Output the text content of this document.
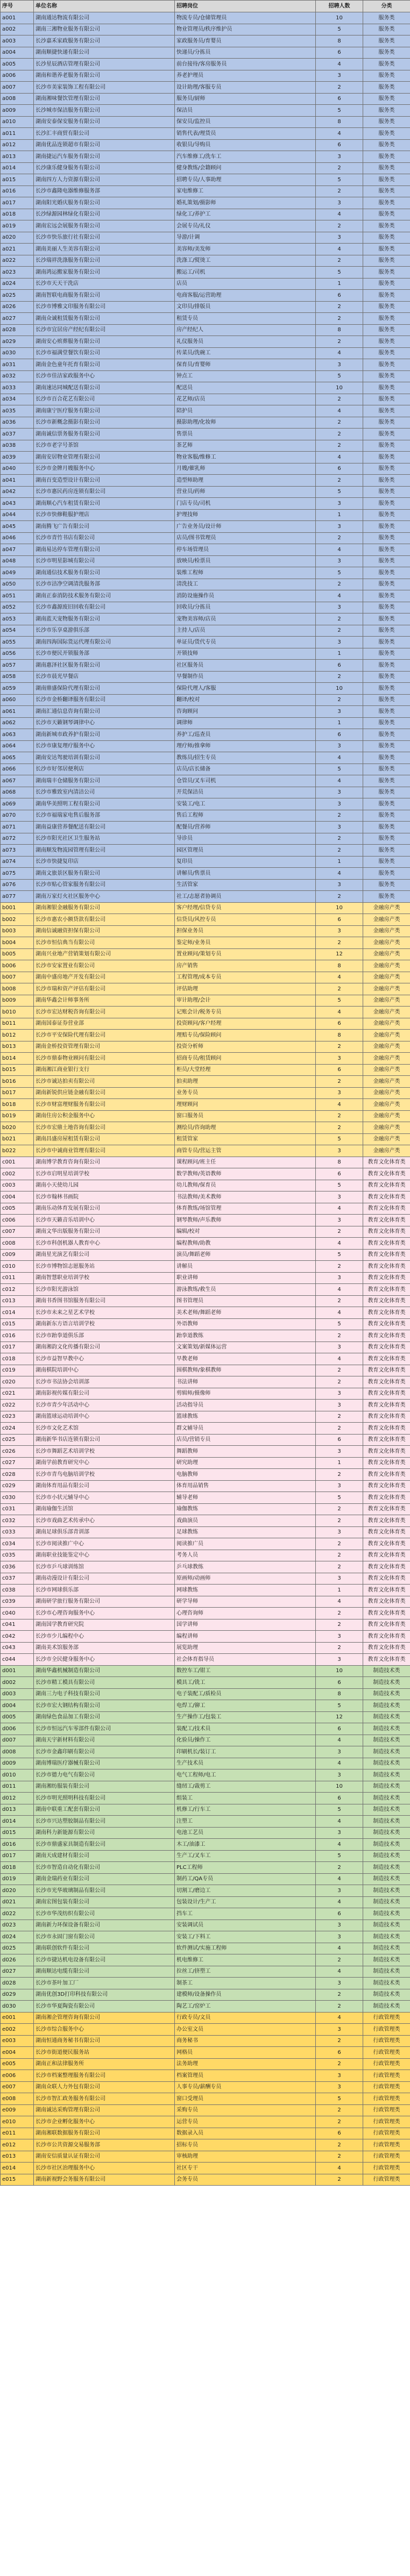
序号	单位名称	招聘岗位	招聘人数	分类
a001	湖南通达物流有限公司	物流专员/仓储管理员	10	服务类
a002	湖南三湘物业服务有限公司	物业管理员/秩序维护员	5	服务类
a003	长沙嘉禾家政服务有限公司	家政服务员/育婴员	8	服务类
a004	湖南顺捷快递有限公司	快递员/分拣员	6	服务类
a005	长沙星辰酒店管理有限公司	前台接待/客房服务员	4	服务类
a006	湖南和谐养老服务有限公司	养老护理员	3	服务类
a007	长沙市美家装饰工程有限公司	设计助理/客服专员	2	服务类
a008	湖南湘味餐饮管理有限公司	服务员/厨师	6	服务类
a009	长沙城市保洁服务有限公司	保洁员	5	服务类
a010	湖南安泰保安服务有限公司	保安员/监控员	8	服务类
a011	长沙汇丰商贸有限公司	销售代表/理货员	4	服务类
a012	湖南优品连锁超市有限公司	收银员/导购员	6	服务类
a013	湖南捷运汽车服务有限公司	汽车维修工/洗车工	3	服务类
a014	长沙康乐健身服务有限公司	健身教练/会籍顾问	2	服务类
a015	湖南四方人力资源有限公司	招聘专员/人事助理	5	服务类
a016	长沙市鑫隆电器维修服务部	家电维修工	2	服务类
a017	湖南阳光婚庆服务有限公司	婚礼策划/摄影师	3	服务类
a018	长沙绿源园林绿化有限公司	绿化工/养护工	4	服务类
a019	湖南宏远会展服务有限公司	会展专员/礼仪	2	服务类
a020	长沙市快乐旅行社有限公司	导游/计调	3	服务类
a021	湖南美丽人生美容有限公司	美容师/美发师	4	服务类
a022	长沙瑞祥洗涤服务有限公司	洗涤工/熨烫工	2	服务类
a023	湖南鸿运搬家服务有限公司	搬运工/司机	5	服务类
a024	长沙市天天干洗店	店员	1	服务类
a025	湖南智联电商服务有限公司	电商客服/运营助理	6	服务类
a026	长沙市博雅文印服务有限公司	文印员/排版员	2	服务类
a027	湖南众诚租赁服务有限公司	租赁专员	2	服务类
a028	长沙市宜居房产经纪有限公司	房产经纪人	8	服务类
a029	湖南安心殡葬服务有限公司	礼仪服务员	2	服务类
a030	长沙市福满堂餐饮有限公司	传菜员/洗碗工	4	服务类
a031	湖南金色童年托育有限公司	保育员/育婴师	3	服务类
a032	长沙市佳洁家政服务中心	钟点工	5	服务类
a033	湖南速达同城配送有限公司	配送员	10	服务类
a034	长沙市百合花艺有限公司	花艺师/店员	2	服务类
a035	湖南康宁医疗服务有限公司	陪护员	4	服务类
a036	长沙市新概念摄影有限公司	摄影助理/化妆师	2	服务类
a037	湖南诚信票务服务有限公司	售票员	2	服务类
a038	长沙市老字号茶馆	茶艺师	2	服务类
a039	湖南安居物业管理有限公司	物业客服/维修工	4	服务类
a040	长沙市金牌月嫂服务中心	月嫂/催乳师	6	服务类
a041	湖南百变造型设计有限公司	造型师助理	2	服务类
a042	长沙市惠民药房连锁有限公司	营业员/药师	5	服务类
a043	湖南顺心汽车租赁有限公司	门店专员/司机	3	服务类
a044	长沙市快修鞋服护理店	护理技师	1	服务类
a045	湖南腾飞广告有限公司	广告业务员/设计师	3	服务类
a046	长沙市青竹书店有限公司	店员/图书管理员	2	服务类
a047	湖南易达停车管理有限公司	停车场管理员	4	服务类
a048	长沙市明星影城有限公司	放映员/检票员	3	服务类
a049	湖南通信技术服务有限公司	装维工程师	5	服务类
a050	长沙市洁净空调清洗服务部	清洗技工	2	服务类
a051	湖南正泰消防技术服务有限公司	消防设施操作员	4	服务类
a052	长沙市鑫源废旧回收有限公司	回收员/分拣员	3	服务类
a053	湖南蓝天宠物服务有限公司	宠物美容师/店员	2	服务类
a054	长沙市乐享桌游俱乐部	主持人/店员	2	服务类
a055	湖南四海国际货运代理有限公司	单证员/货代专员	3	服务类
a056	长沙市便民开锁服务部	开锁技师	1	服务类
a057	湖南惠泽社区服务有限公司	社区服务员	6	服务类
a058	长沙市晨光早餐店	早餐制作员	2	服务类
a059	湖南鼎盛保险代理有限公司	保险代理人/客服	10	服务类
a060	长沙市金桥翻译服务有限公司	翻译/校对	2	服务类
a061	湖南汇通信息咨询有限公司	咨询顾问	3	服务类
a062	长沙市天籁钢琴调律中心	调律师	1	服务类
a063	湖南新城市政养护有限公司	养护工/巡查员	6	服务类
a064	长沙市康复理疗服务中心	理疗师/推拿师	3	服务类
a065	湖南安达驾驶培训有限公司	教练员/招生专员	4	服务类
a066	长沙市好邻居便利店	店员/店长储备	5	服务类
a067	湖南瑞丰仓储服务有限公司	仓管员/叉车司机	4	服务类
a068	长沙市雅致室内清洁公司	开荒保洁员	3	服务类
a069	湖南华美照明工程有限公司	安装工/电工	3	服务类
a070	长沙市福瑞家电售后服务部	售后工程师	2	服务类
a071	湖南益康营养餐配送有限公司	配餐员/营养师	3	服务类
a072	长沙市阳光社区卫生服务站	导诊员	2	服务类
a073	湖南顺发物流园管理有限公司	园区管理员	2	服务类
a074	长沙市快捷复印店	复印员	1	服务类
a075	湖南文旅景区服务有限公司	讲解员/售票员	4	服务类
a076	长沙市贴心管家服务有限公司	生活管家	3	服务类
a077	湖南万家灯火社区服务中心	社工/志愿者协调员	2	服务类
b001	湖南湘银金融服务有限公司	客户经理/信贷专员	10	金融房产类
b002	长沙市惠农小额贷款有限公司	信贷员/风控专员	6	金融房产类
b003	湖南信诚融资担保有限公司	担保业务员	3	金融房产类
b004	长沙市恒信典当有限公司	鉴定师/业务员	2	金融房产类
b005	湖南兴业地产营销策划有限公司	置业顾问/策划专员	12	金融房产类
b006	长沙市安家置业有限公司	房产销售	8	金融房产类
b007	湖南中盛房地产开发有限公司	工程管理/成本专员	4	金融房产类
b008	长沙市瑞和资产评估有限公司	评估助理	2	金融房产类
b009	湖南华鑫会计师事务所	审计助理/会计	5	金融房产类
b010	长沙市宏达财税咨询有限公司	记账会计/税务专员	4	金融房产类
b011	湖南国泰证券营业部	投资顾问/客户经理	6	金融房产类
b012	长沙市平安保险代理有限公司	理赔专员/保险顾问	8	金融房产类
b013	湖南金桥投资管理有限公司	投资分析师	2	金融房产类
b014	长沙市鼎泰物业顾问有限公司	招商专员/租赁顾问	3	金融房产类
b015	湖南湘江商业银行支行	柜员/大堂经理	6	金融房产类
b016	长沙市诚达拍卖有限公司	拍卖助理	2	金融房产类
b017	湖南新锐供应链金融有限公司	业务专员	3	金融房产类
b018	长沙市财富理财服务有限公司	理财顾问	4	金融房产类
b019	湖南住房公积金服务中心	窗口服务员	2	金融房产类
b020	长沙市宏鼎土地咨询有限公司	测绘员/咨询助理	2	金融房产类
b021	湖南昌盛房屋租赁有限公司	租赁管家	5	金融房产类
b022	长沙市中诚商业管理有限公司	商管专员/营运主管	3	金融房产类
c001	湖南博学教育咨询有限公司	课程顾问/班主任	8	教育文化体育类
c002	长沙市启明星培训学校	数学教师/英语教师	6	教育文化体育类
c003	湖南小天使幼儿园	幼儿教师/保育员	5	教育文化体育类
c004	长沙市翰林书画院	书法教师/美术教师	3	教育文化体育类
c005	湖南乐动体育发展有限公司	体育教练/场馆管理	4	教育文化体育类
c006	长沙市天籁音乐培训中心	钢琴教师/声乐教师	3	教育文化体育类
c007	湖南文华出版服务有限公司	编辑/校对	2	教育文化体育类
c008	长沙市科创机器人教育中心	编程教师/助教	4	教育文化体育类
c009	湖南星光演艺有限公司	演员/舞蹈老师	5	教育文化体育类
c010	长沙市博物馆志愿服务站	讲解员	2	教育文化体育类
c011	湖南智慧职业培训学校	职业讲师	3	教育文化体育类
c012	长沙市阳光游泳馆	游泳教练/救生员	4	教育文化体育类
c013	湖南书香图书馆服务有限公司	图书管理员	2	教育文化体育类
c014	长沙市未来之星艺术学校	美术老师/舞蹈老师	4	教育文化体育类
c015	湖南新东方语言培训学校	外语教师	5	教育文化体育类
c016	长沙市跆拳道俱乐部	跆拳道教练	2	教育文化体育类
c017	湖南湘韵文化传播有限公司	文案策划/新媒体运营	3	教育文化体育类
c018	长沙市益智早教中心	早教老师	4	教育文化体育类
c019	湖南棋院培训中心	围棋教师/象棋教师	2	教育文化体育类
c020	长沙市书法协会培训部	书法讲师	2	教育文化体育类
c021	湖南影视传媒有限公司	剪辑师/摄像师	3	教育文化体育类
c022	长沙市青少年活动中心	活动指导员	3	教育文化体育类
c023	湖南篮球运动培训中心	篮球教练	2	教育文化体育类
c024	长沙市文化艺术馆	群文辅导员	2	教育文化体育类
c025	湖南新华书店连锁有限公司	店员/营销专员	6	教育文化体育类
c026	长沙市舞蹈艺术培训学校	舞蹈教师	3	教育文化体育类
c027	湖南学前教育研究中心	研究助理	1	教育文化体育类
c028	长沙市青鸟电脑培训学校	电脑教师	2	教育文化体育类
c029	湖南体育用品有限公司	体育用品销售	3	教育文化体育类
c030	长沙市小状元辅导中心	辅导老师	5	教育文化体育类
c031	湖南瑜伽生活馆	瑜伽教练	2	教育文化体育类
c032	长沙市戏曲艺术传承中心	戏曲演员	2	教育文化体育类
c033	湖南足球俱乐部青训部	足球教练	3	教育文化体育类
c034	长沙市阅读推广中心	阅读推广员	2	教育文化体育类
c035	湖南职业技能鉴定中心	考务人员	2	教育文化体育类
c036	长沙市乒乓球训练馆	乒乓球教练	2	教育文化体育类
c037	湖南动漫设计有限公司	原画师/动画师	3	教育文化体育类
c038	长沙市网球俱乐部	网球教练	1	教育文化体育类
c039	湖南研学旅行服务有限公司	研学导师	4	教育文化体育类
c040	长沙市心理咨询服务中心	心理咨询师	2	教育文化体育类
c041	湖南国学教育研究院	国学讲师	2	教育文化体育类
c042	长沙市少儿编程中心	编程讲师	3	教育文化体育类
c043	湖南美术馆服务部	展览助理	2	教育文化体育类
c044	长沙市全民健身服务中心	社会体育指导员	3	教育文化体育类
d001	湖南华鑫机械制造有限公司	数控车工/钳工	10	制造技术类
d002	长沙市精工模具有限公司	模具工/铣工	6	制造技术类
d003	湖南三力电子科技有限公司	电子装配工/质检员	8	制造技术类
d004	长沙市宏大钢结构有限公司	电焊工/铆工	5	制造技术类
d005	湖南绿色食品加工有限公司	生产操作工/包装工	12	制造技术类
d006	长沙市恒远汽车零部件有限公司	装配工/技术员	6	制造技术类
d007	湖南天宇新材料有限公司	化验员/操作工	4	制造技术类
d008	长沙市金鑫印刷有限公司	印刷机长/装订工	3	制造技术类
d009	湖南博瑞医疗器械有限公司	生产技术员	4	制造技术类
d010	长沙市德力电气有限公司	电气工程师/电工	3	制造技术类
d011	湖南湘纺服装有限公司	缝纫工/裁剪工	10	制造技术类
d012	长沙市明光照明科技有限公司	组装工	6	制造技术类
d013	湖南中联重工配套有限公司	机修工/行车工	5	制造技术类
d014	长沙市兴达塑胶制品有限公司	注塑工	4	制造技术类
d015	湖南科力新能源有限公司	电池工艺员	3	制造技术类
d016	长沙市鼎盛家具制造有限公司	木工/油漆工	4	制造技术类
d017	湖南天成建材有限公司	生产工/叉车工	5	制造技术类
d018	长沙市智造自动化有限公司	PLC工程师	2	制造技术类
d019	湖南金瑞药业有限公司	制药工/QA专员	4	制造技术类
d020	长沙市光华玻璃制品有限公司	切割工/磨边工	3	制造技术类
d021	湖南宏图包装有限公司	包装设计/生产工	4	制造技术类
d022	长沙市华茂纺织有限公司	挡车工	6	制造技术类
d023	湖南新力环保设备有限公司	安装调试员	3	制造技术类
d024	长沙市永固门窗有限公司	安装工/下料工	3	制造技术类
d025	湖南联创软件有限公司	软件测试/实施工程师	4	制造技术类
d026	长沙市捷达机电设备有限公司	机电维修工	2	制造技术类
d027	湖南顺达电缆有限公司	拉丝工/挤塑工	4	制造技术类
d028	长沙市茶叶加工厂	制茶工	3	制造技术类
d029	湖南优创3D打印科技有限公司	建模师/设备操作员	2	制造技术类
d030	长沙市华夏陶瓷有限公司	陶艺工/窑炉工	2	制造技术类
e001	湖南湘企管理咨询有限公司	行政专员/文员	4	行政管理类
e002	长沙市综合服务中心	办公室文员	3	行政管理类
e003	湖南恒通商务秘书有限公司	商务秘书	2	行政管理类
e004	长沙市街道便民服务站	网格员	6	行政管理类
e005	湖南正和法律服务所	法务助理	2	行政管理类
e006	长沙市档案整理服务有限公司	档案管理员	3	行政管理类
e007	湖南众联人力外包有限公司	人事专员/薪酬专员	3	行政管理类
e008	长沙市智汇政务服务有限公司	窗口受理员	5	行政管理类
e009	湖南诚达采购管理有限公司	采购专员	2	行政管理类
e010	长沙市企业孵化服务中心	运营专员	2	行政管理类
e011	湖南湘联数据服务有限公司	数据录入员	6	行政管理类
e012	长沙市公共资源交易服务部	招标专员	2	行政管理类
e013	湖南安信质量认证有限公司	审核助理	2	行政管理类
e014	长沙市社区治理服务中心	社区专干	4	行政管理类
e015	湖南新视野会务服务有限公司	会务专员	2	行政管理类
